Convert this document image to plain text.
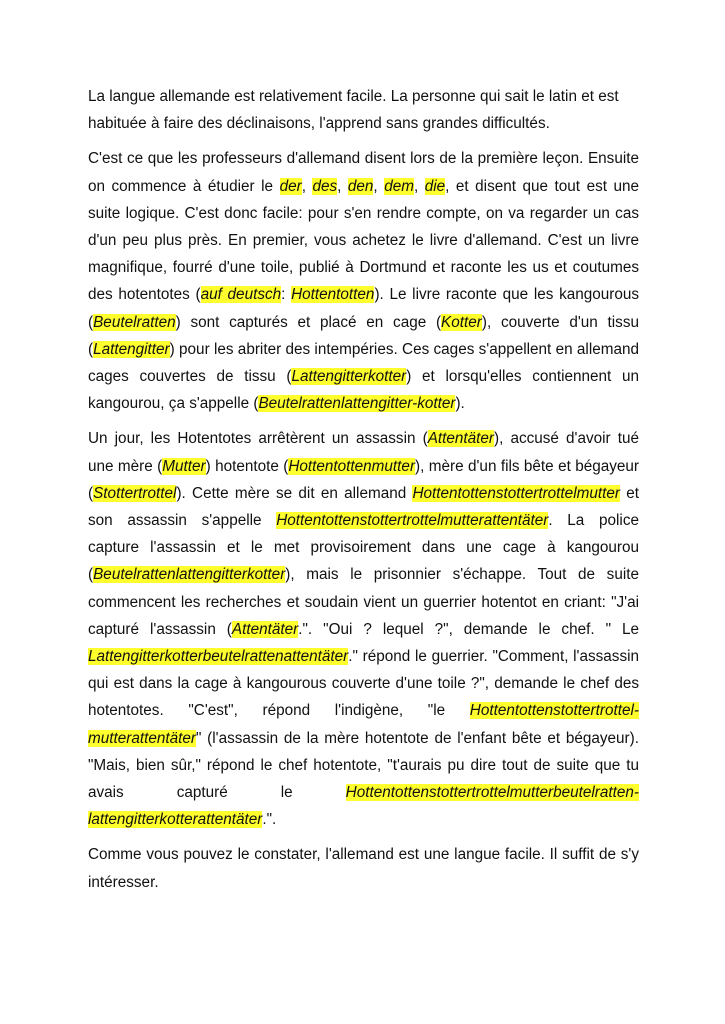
La langue allemande est relativement facile. La personne qui sait le latin et est habituée à faire des déclinaisons, l'apprend sans grandes difficultés.

C'est ce que les professeurs d'allemand disent lors de la première leçon. Ensuite on commence à étudier le der, des, den, dem, die, et disent que tout est une suite logique. C'est donc facile: pour s'en rendre compte, on va regarder un cas d'un peu plus près. En premier, vous achetez le livre d'allemand. C'est un livre magnifique, fourré d'une toile, publié à Dortmund et raconte les us et coutumes des hotentotes (auf deutsch: Hottentotten). Le livre raconte que les kangourous (Beutelratten) sont capturés et placé en cage (Kotter), couverte d'un tissu (Lattengitter) pour les abriter des intempéries. Ces cages s'appellent en allemand cages couvertes de tissu (Lattengitterkotter) et lorsqu'elles contiennent un kangourou, ça s'appelle (Beutelrattenlattengitter-kotter).

Un jour, les Hotentotes arrêtèrent un assassin (Attentäter), accusé d'avoir tué une mère (Mutter) hotentote (Hottentottenmutter), mère d'un fils bête et bégayeur (Stottertrottel). Cette mère se dit en allemand Hottentottenstottertrottelmutter et son assassin s'appelle Hottentottenstottertrottelmutterattentäter. La police capture l'assassin et le met provisoirement dans une cage à kangourou (Beutelrattenlattengitterkotter), mais le prisonnier s'échappe. Tout de suite commencent les recherches et soudain vient un guerrier hotentot en criant: "J'ai capturé l'assassin (Attentäter.". "Oui ? lequel ?", demande le chef. " Le Lattengitterkotterbeutelrattenattentäter." répond le guerrier. "Comment, l'assassin qui est dans la cage à kangourous couverte d'une toile ?", demande le chef des hotentotes. "C'est", répond l'indigène, "le Hottentottenstottertrottel-mutterattentäter" (l'assassin de la mère hotentote de l'enfant bête et bégayeur). "Mais, bien sûr," répond le chef hotentote, "t'aurais pu dire tout de suite que tu avais capturé le Hottentottenstottertrottelmutterbeutelratten-lattengitterkotterattentäter.".

Comme vous pouvez le constater, l'allemand est une langue facile. Il suffit de s'y intéresser.
